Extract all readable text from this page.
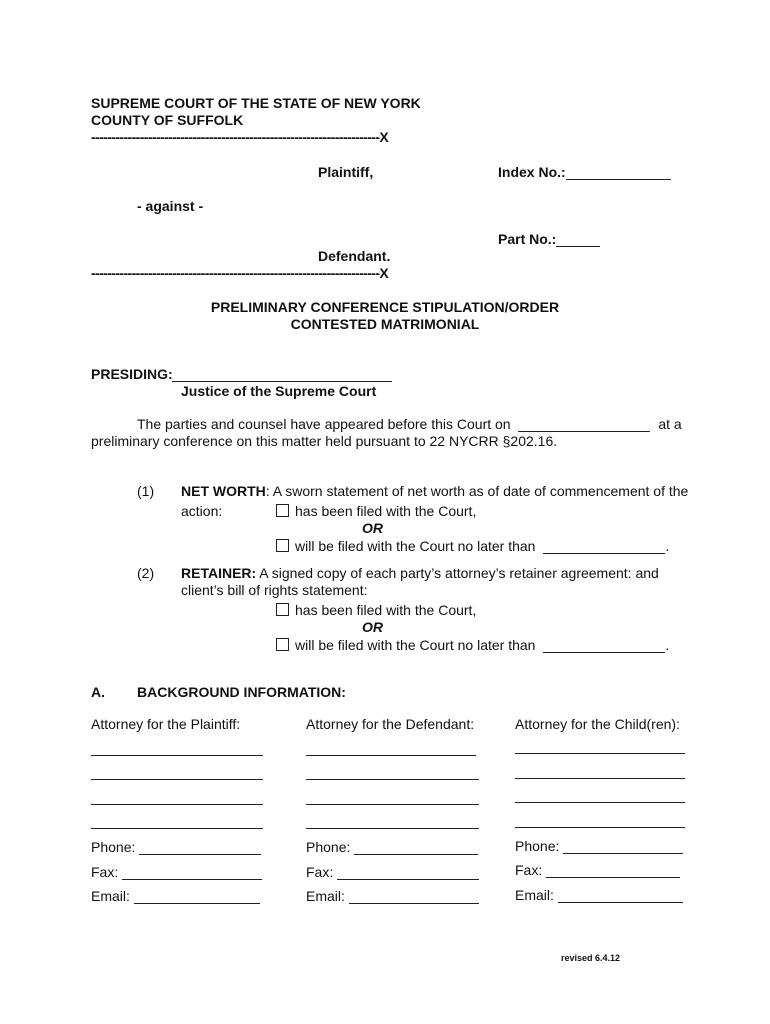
SUPREME COURT OF THE STATE OF NEW YORK
COUNTY OF SUFFOLK
-----------------------------------------------------------------------X
Plaintiff,	Index No.:
- against -
Part No.:
Defendant.
-----------------------------------------------------------------------X
PRELIMINARY CONFERENCE STIPULATION/ORDER
CONTESTED MATRIMONIAL
PRESIDING:
Justice of the Supreme Court
The parties and counsel have appeared before this Court on	at a
preliminary conference on this matter held pursuant to 22 NYCRR §202.16.
(1) NET WORTH: A sworn statement of net worth as of date of commencement of the
action:	has been filed with the Court,
OR
will be filed with the Court no later than	.
(2) RETAINER: A signed copy of each party’s attorney’s retainer agreement: and
client’s bill of rights statement:
has been filed with the Court,
OR
will be filed with the Court no later than	.
A. BACKGROUND INFORMATION:
Attorney for the Plaintiff:
Phone:
Fax:
Email:
Attorney for the Defendant:
Phone:
Fax:
Email:
Attorney for the Child(ren):
Phone:
Fax:
Email:
revised 6.4.12
